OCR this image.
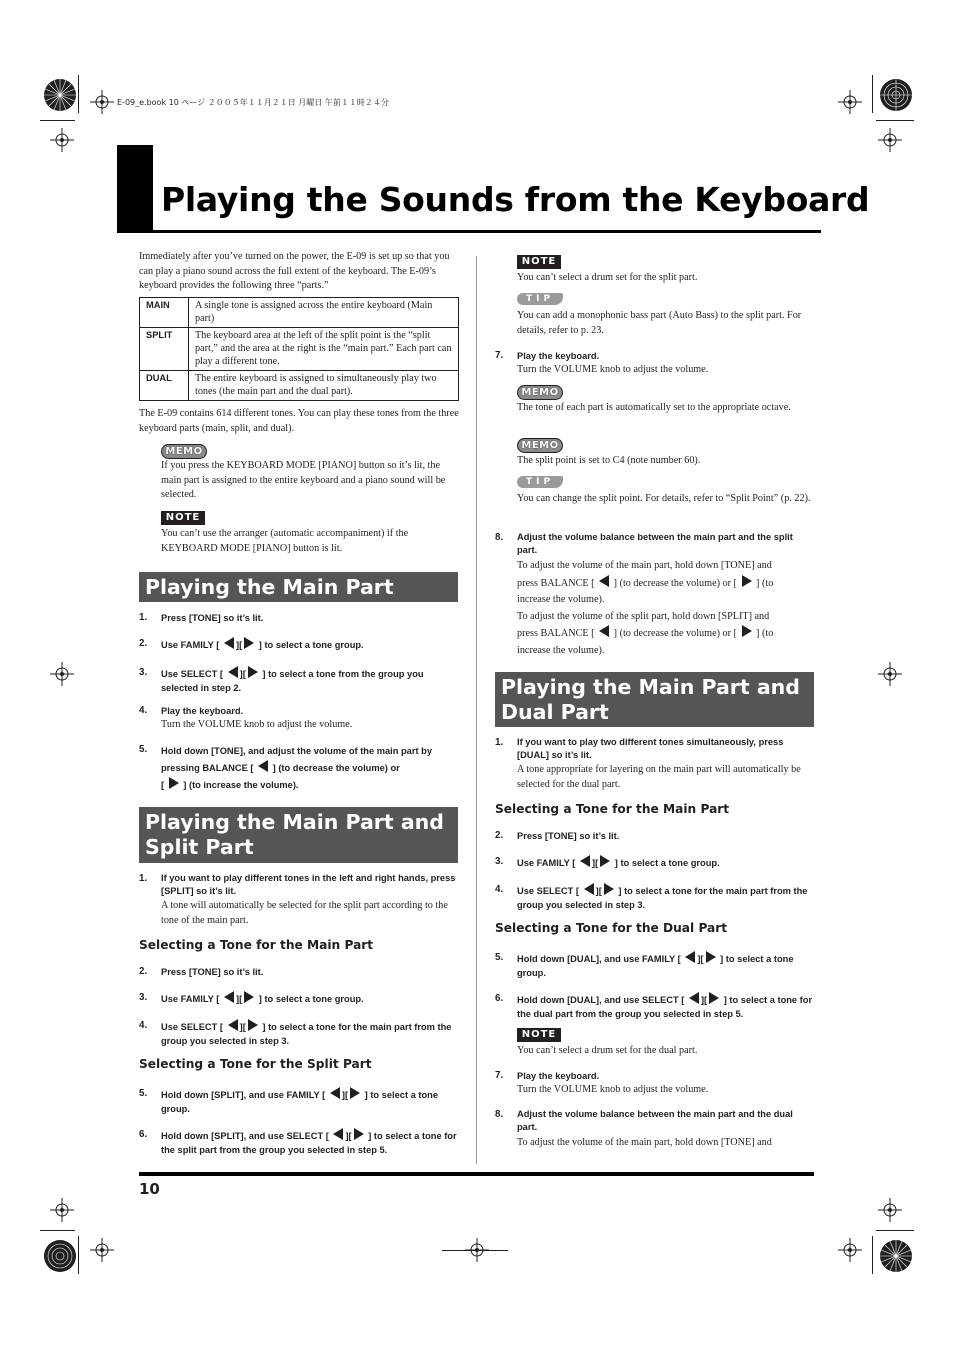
E-09_e.book 10 ページ ２００５年１１月２１日 月曜日 午前１１時２４分
Playing the Sounds from the Keyboard
Immediately after you’ve turned on the power, the E-09 is set up so that you can play a piano sound across the full extent of the keyboard. The E-09’s keyboard provides the following three “parts.”
MAIN	A single tone is assigned across the entire keyboard (Main part)
SPLIT	The keyboard area at the left of the split point is the “split part,” and the area at the right is the “main part.” Each part can play a different tone.
DUAL	The entire keyboard is assigned to simultaneously play two tones (the main part and the dual part).
The E-09 contains 614 different tones. You can play these tones from the three keyboard parts (main, split, and dual).
MEMO
If you press the KEYBOARD MODE [PIANO] button so it’s lit, the main part is assigned to the entire keyboard and a piano sound will be selected.
NOTE
You can’t use the arranger (automatic accompaniment) if the KEYBOARD MODE [PIANO] button is lit.
Playing the Main Part
1. Press [TONE] so it’s lit.
2. Use FAMILY [ ][ ] to select a tone group.
3. Use SELECT [ ][ ] to select a tone from the group you selected in step 2.
4. Play the keyboard.
Turn the VOLUME knob to adjust the volume.
5. Hold down [TONE], and adjust the volume of the main part by pressing BALANCE [ ] (to decrease the volume) or
[ ] (to increase the volume).
Playing the Main Part and Split Part
1. If you want to play different tones in the left and right hands, press [SPLIT] so it’s lit.
A tone will automatically be selected for the split part according to the tone of the main part.
Selecting a Tone for the Main Part
2. Press [TONE] so it’s lit.
3. Use FAMILY [ ][ ] to select a tone group.
4. Use SELECT [ ][ ] to select a tone for the main part from the group you selected in step 3.
Selecting a Tone for the Split Part
5. Hold down [SPLIT], and use FAMILY [ ][ ] to select a tone group.
6. Hold down [SPLIT], and use SELECT [ ][ ] to select a tone for the split part from the group you selected in step 5.
NOTE
You can’t select a drum set for the split part.
TIP
You can add a monophonic bass part (Auto Bass) to the split part. For details, refer to p. 23.
7. Play the keyboard.
Turn the VOLUME knob to adjust the volume.
MEMO
The tone of each part is automatically set to the appropriate octave.
MEMO
The split point is set to C4 (note number 60).
TIP
You can change the split point. For details, refer to “Split Point” (p. 22).
8. Adjust the volume balance between the main part and the split part.
To adjust the volume of the main part, hold down [TONE] and
press BALANCE [ ] (to decrease the volume) or [ ] (to
increase the volume).
To adjust the volume of the split part, hold down [SPLIT] and
press BALANCE [ ] (to decrease the volume) or [ ] (to
increase the volume).
Playing the Main Part and Dual Part
1. If you want to play two different tones simultaneously, press [DUAL] so it’s lit.
A tone appropriate for layering on the main part will automatically be selected for the dual part.
Selecting a Tone for the Main Part
2. Press [TONE] so it’s lit.
3. Use FAMILY [ ][ ] to select a tone group.
4. Use SELECT [ ][ ] to select a tone for the main part from the group you selected in step 3.
Selecting a Tone for the Dual Part
5. Hold down [DUAL], and use FAMILY [ ][ ] to select a tone group.
6. Hold down [DUAL], and use SELECT [ ][ ] to select a tone for the dual part from the group you selected in step 5.
NOTE
You can’t select a drum set for the dual part.
7. Play the keyboard.
Turn the VOLUME knob to adjust the volume.
8. Adjust the volume balance between the main part and the dual part.
To adjust the volume of the main part, hold down [TONE] and
10
